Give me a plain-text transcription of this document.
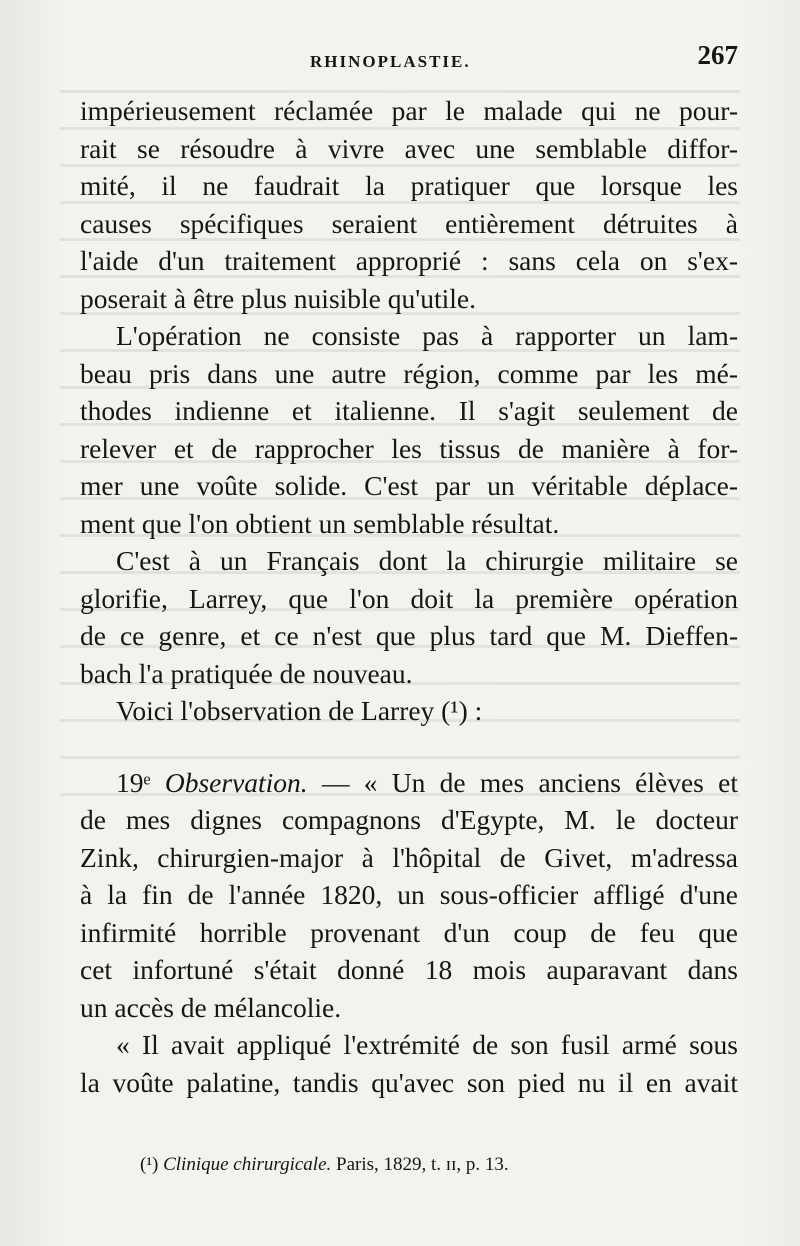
RHINOPLASTIE.	267
impérieusement réclamée par le malade qui ne pour-
rait se résoudre à vivre avec une semblable diffor-
mité, il ne faudrait la pratiquer que lorsque les
causes spécifiques seraient entièrement détruites à
l'aide d'un traitement approprié : sans cela on s'ex-
poserait à être plus nuisible qu'utile.
L'opération ne consiste pas à rapporter un lam-
beau pris dans une autre région, comme par les mé-
thodes indienne et italienne. Il s'agit seulement de
relever et de rapprocher les tissus de manière à for-
mer une voûte solide. C'est par un véritable déplace-
ment que l'on obtient un semblable résultat.
C'est à un Français dont la chirurgie militaire se
glorifie, Larrey, que l'on doit la première opération
de ce genre, et ce n'est que plus tard que M. Dieffen-
bach l'a pratiquée de nouveau.
Voici l'observation de Larrey (¹) :
19ᵉ Observation. — « Un de mes anciens élèves et
de mes dignes compagnons d'Egypte, M. le docteur
Zink, chirurgien-major à l'hôpital de Givet, m'adressa
à la fin de l'année 1820, un sous-officier affligé d'une
infirmité horrible provenant d'un coup de feu que
cet infortuné s'était donné 18 mois auparavant dans
un accès de mélancolie.
« Il avait appliqué l'extrémité de son fusil armé sous
la voûte palatine, tandis qu'avec son pied nu il en avait
(¹) Clinique chirurgicale. Paris, 1829, t. ɪɪ, p. 13.
